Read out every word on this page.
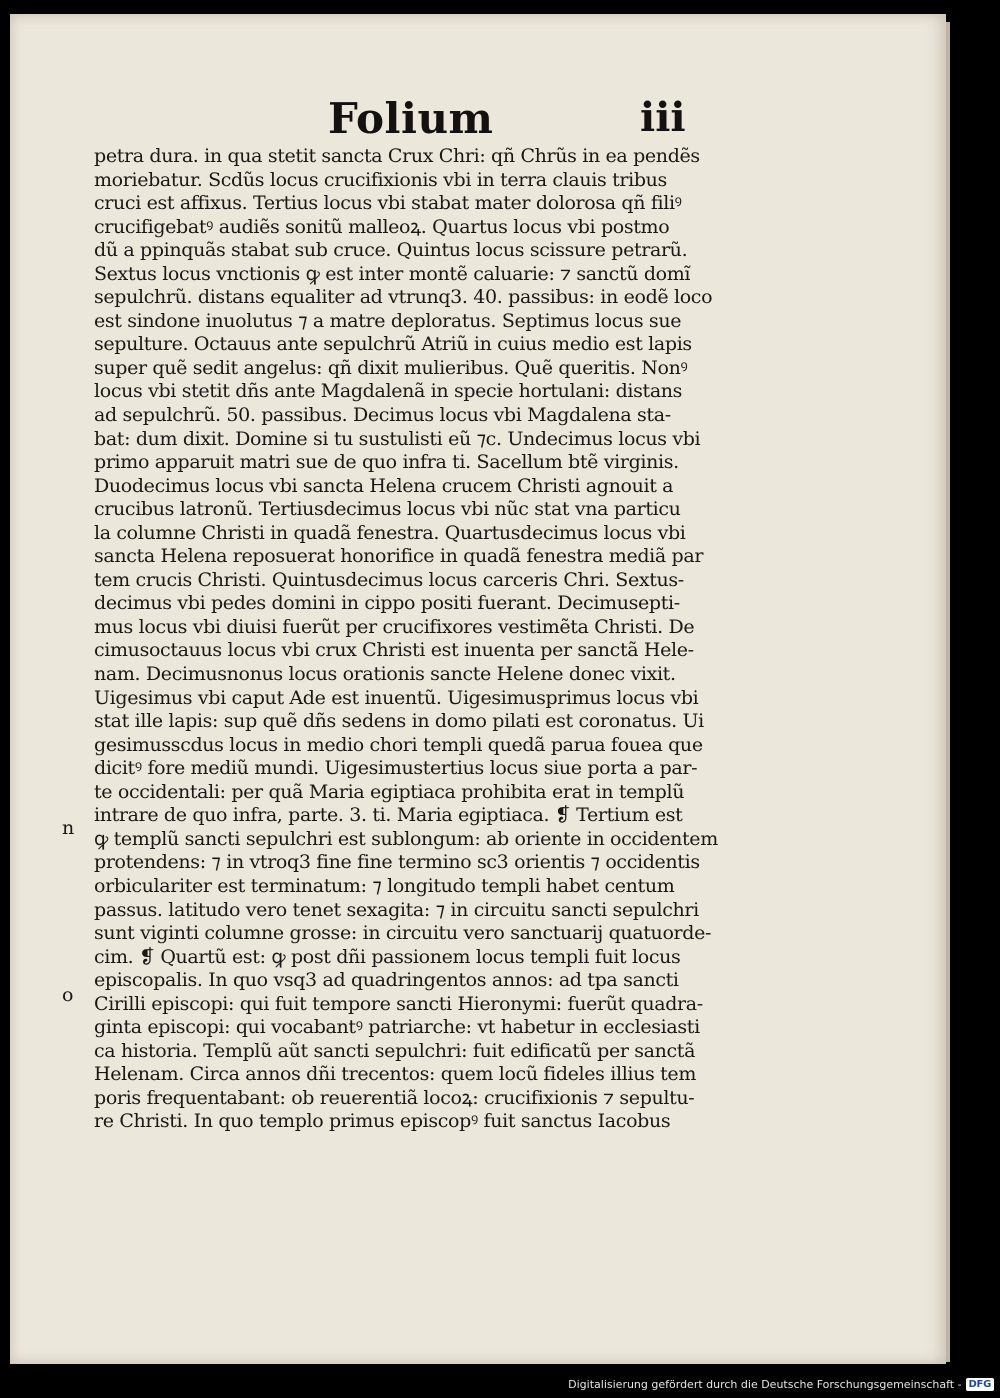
Folium	iii
petra dura. in qua stetit sancta Crux Chri: qñ Chrũs in ea pendẽs
moriebatur. Scdũs locus crucifixionis vbi in terra clauis tribus
cruci est affixus. Tertius locus vbi stabat mater dolorosa qñ filiꝰ
crucifigebatꝰ audiẽs sonitũ malleoꝝ. Quartus locus vbi postmo
dũ a ppinquãs stabat sub cruce. Quintus locus scissure petrarũ.
Sextus locus vnctionis ꝙ est inter montẽ caluarie: ⁊ sanctũ domĩ
sepulchrũ. distans equaliter ad vtrunq3. 40. passibus: in eodẽ loco
est sindone inuolutus ⁊ a matre deploratus. Septimus locus sue
sepulture. Octauus ante sepulchrũ Atriũ in cuius medio est lapis
super quẽ sedit angelus: qñ dixit mulieribus. Quẽ queritis. Nonꝰ
locus vbi stetit dñs ante Magdalenã in specie hortulani: distans
ad sepulchrũ. 50. passibus. Decimus locus vbi Magdalena sta-
bat: dum dixit. Domine si tu sustulisti eũ ⁊c. Undecimus locus vbi
primo apparuit matri sue de quo infra ti. Sacellum btẽ virginis.
Duodecimus locus vbi sancta Helena crucem Christi agnouit a
crucibus latronũ. Tertiusdecimus locus vbi nũc stat vna particu
la columne Christi in quadã fenestra. Quartusdecimus locus vbi
sancta Helena reposuerat honorifice in quadã fenestra mediã par
tem crucis Christi. Quintusdecimus locus carceris Chri. Sextus-
decimus vbi pedes domini in cippo positi fuerant. Decimusepti-
mus locus vbi diuisi fuerũt per crucifixores vestimẽta Christi. De
cimusoctauus locus vbi crux Christi est inuenta per sanctã Hele-
nam. Decimusnonus locus orationis sancte Helene donec vixit.
Uigesimus vbi caput Ade est inuentũ. Uigesimusprimus locus vbi
stat ille lapis: sup quẽ dñs sedens in domo pilati est coronatus. Ui
gesimusscdus locus in medio chori templi quedã parua fouea que
dicitꝰ fore mediũ mundi. Uigesimustertius locus siue porta a par-
te occidentali: per quã Maria egiptiaca prohibita erat in templũ
intrare de quo infra, parte. 3. ti. Maria egiptiaca. ❡ Tertium est
ꝙ templũ sancti sepulchri est sublongum: ab oriente in occidentem
protendens: ⁊ in vtroq3 fine fine termino sc3 orientis ⁊ occidentis
orbiculariter est terminatum: ⁊ longitudo templi habet centum
passus. latitudo vero tenet sexagita: ⁊ in circuitu sancti sepulchri
sunt viginti columne grosse: in circuitu vero sanctuarij quatuorde-
cim. ❡ Quartũ est: ꝙ post dñi passionem locus templi fuit locus
episcopalis. In quo vsq3 ad quadringentos annos: ad tpa sancti
Cirilli episcopi: qui fuit tempore sancti Hieronymi: fuerũt quadra-
ginta episcopi: qui vocabantꝰ patriarche: vt habetur in ecclesiasti
ca historia. Templũ aũt sancti sepulchri: fuit edificatũ per sanctã
Helenam. Circa annos dñi trecentos: quem locũ fideles illius tem
poris frequentabant: ob reuerentiã locoꝝ: crucifixionis ⁊ sepultu-
re Christi. In quo templo primus episcopꝰ fuit sanctus Iacobus
n
o
Digitalisierung gefördert durch die Deutsche Forschungsgemeinschaft - DFG
